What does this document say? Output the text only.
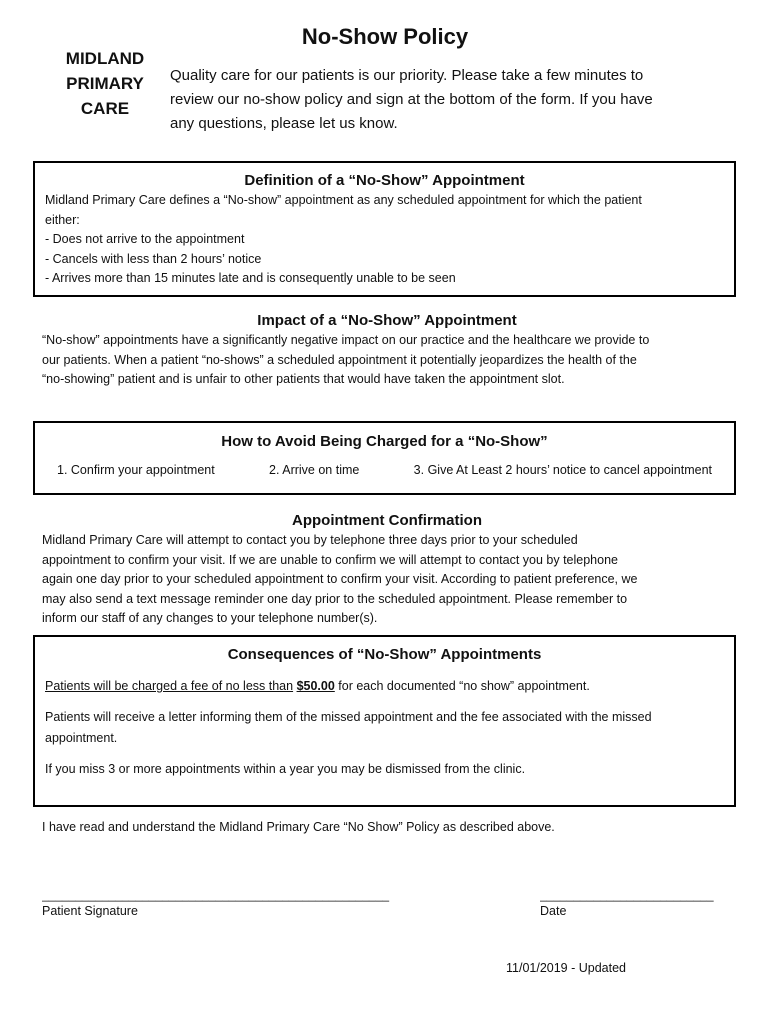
MIDLAND
PRIMARY
CARE
No-Show Policy
Quality care for our patients is our priority. Please take a few minutes to
review our no-show policy and sign at the bottom of the form. If you have
any questions, please let us know.
Definition of a “No-Show” Appointment
Midland Primary Care defines a “No-show” appointment as any scheduled appointment for which the patient
either:
- Does not arrive to the appointment
- Cancels with less than 2 hours’ notice
- Arrives more than 15 minutes late and is consequently unable to be seen
Impact of a “No-Show” Appointment
“No-show” appointments have a significantly negative impact on our practice and the healthcare we provide to
our patients. When a patient “no-shows” a scheduled appointment it potentially jeopardizes the health of the
“no-showing” patient and is unfair to other patients that would have taken the appointment slot.
How to Avoid Being Charged for a “No-Show”
1. Confirm your appointment	2. Arrive on time	3. Give At Least 2 hours’ notice to cancel appointment
Appointment Confirmation
Midland Primary Care will attempt to contact you by telephone three days prior to your scheduled
appointment to confirm your visit. If we are unable to confirm we will attempt to contact you by telephone
again one day prior to your scheduled appointment to confirm your visit. According to patient preference, we
may also send a text message reminder one day prior to the scheduled appointment. Please remember to
inform our staff of any changes to your telephone number(s).
Consequences of “No-Show” Appointments

Patients will be charged a fee of no less than $50.00 for each documented “no show” appointment.

Patients will receive a letter informing them of the missed appointment and the fee associated with the missed appointment.

If you miss 3 or more appointments within a year you may be dismissed from the clinic.

I have read and understand the Midland Primary Care “No Show” Policy as described above.
____________________________________________________
Patient Signature
__________________________
Date
11/01/2019 - Updated
